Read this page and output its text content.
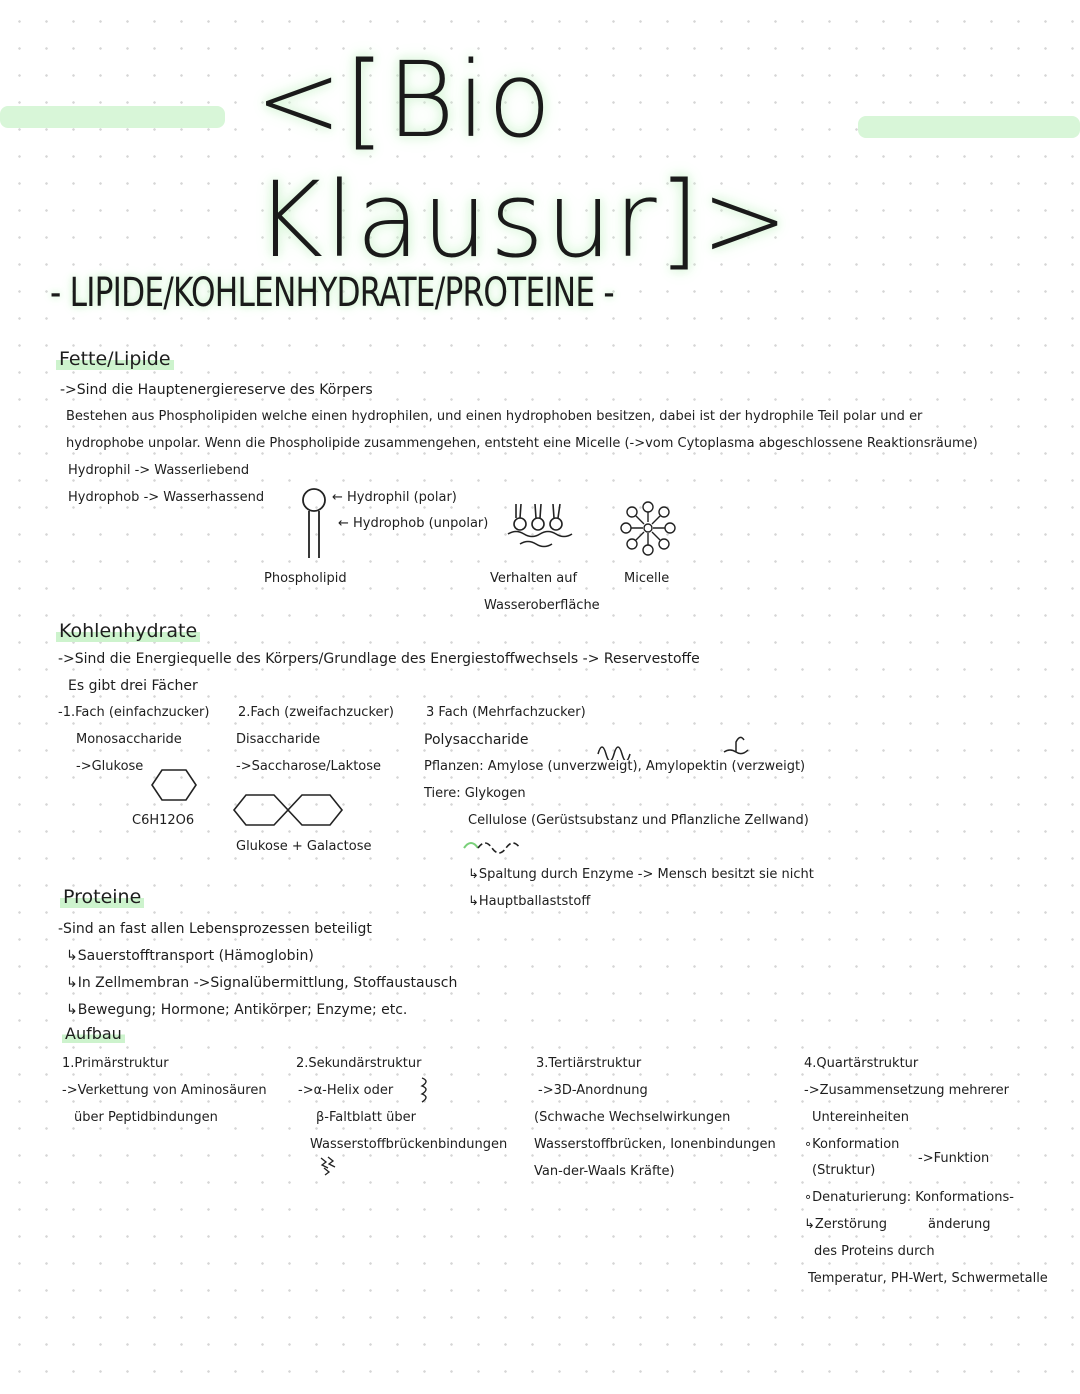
<[Bio Klausur]>
- LIPIDE/KOHLENHYDRATE/PROTEINE -
Fette/Lipide
->Sind die Hauptenergiereserve des Körpers
Bestehen aus Phospholipiden welche einen hydrophilen, und einen hydrophoben besitzen, dabei ist der hydrophile Teil polar und er
hydrophobe unpolar. Wenn die Phospholipide zusammengehen, entsteht eine Micelle (->vom Cytoplasma abgeschlossene Reaktionsräume)
Hydrophil -> Wasserliebend
Hydrophob -> Wasserhassend	← Hydrophil (polar)
← Hydrophob (unpolar)
Phospholipid	Verhalten auf
Wasseroberfläche
Micelle
Kohlenhydrate
->Sind die Energiequelle des Körpers/Grundlage des Energiestoffwechsels -> Reservestoffe
Es gibt drei Fächer
-1.Fach (einfachzucker)
Monosaccharide
->Glukose
C6H12O6
2.Fach (zweifachzucker)
Disaccharide
->Saccharose/Laktose
Glukose + Galactose
3 Fach (Mehrfachzucker)
Polysaccharide
Pflanzen: Amylose (unverzweigt), Amylopektin (verzweigt)
Tiere: Glykogen
Cellulose (Gerüstsubstanz und Pflanzliche Zellwand)
↳Spaltung durch Enzyme -> Mensch besitzt sie nicht
↳Hauptballaststoff
Proteine
-Sind an fast allen Lebensprozessen beteiligt
↳Sauerstofftransport (Hämoglobin)
↳In Zellmembran ->Signalübermittlung, Stoffaustausch
↳Bewegung; Hormone; Antikörper; Enzyme; etc.
Aufbau
1.Primärstruktur
->Verkettung von Aminosäuren
über Peptidbindungen
2.Sekundärstruktur
->α-Helix oder
β-Faltblatt über
Wasserstoffbrückenbindungen
3.Tertiärstruktur
->3D-Anordnung
(Schwache Wechselwirkungen
Wasserstoffbrücken, Ionenbindungen
Van-der-Waals Kräfte)
4.Quartärstruktur
->Zusammensetzung mehrerer
Untereinheiten
∘Konformation
->Funktion
(Struktur)
∘Denaturierung: Konformations-
↳Zerstörung	änderung
des Proteins durch
Temperatur, PH-Wert, Schwermetalle
